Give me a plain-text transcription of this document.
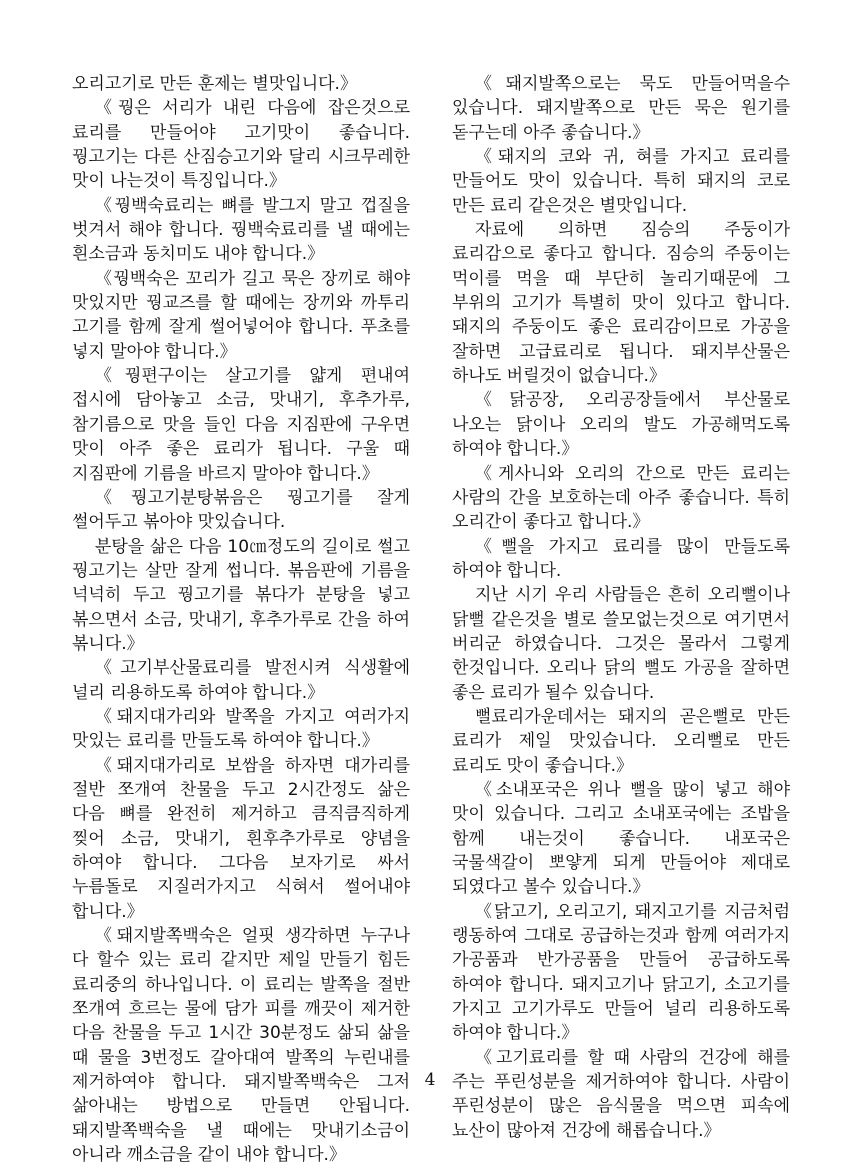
오리고기로 만든 훈제는 별맛입니다.》

《꿩은 서리가 내린 다음에 잡은것으로 료리를 만들어야 고기맛이 좋습니다. 꿩고기는 다른 산짐승고기와 달리 시크무레한 맛이 나는것이 특징입니다.》

《꿩백숙료리는 뼈를 발그지 말고 껍질을 벗겨서 해야 합니다. 꿩백숙료리를 낼 때에는 흰소금과 동치미도 내야 합니다.》

《꿩백숙은 꼬리가 길고 묵은 장끼로 해야 맛있지만 꿩교즈를 할 때에는 장끼와 까투리 고기를 함께 잘게 썰어넣어야 합니다. 푸초를 넣지 말아야 합니다.》

《꿩편구이는 살고기를 얇게 편내여 접시에 담아놓고 소금, 맛내기, 후추가루, 참기름으로 맛을 들인 다음 지짐판에 구우면 맛이 아주 좋은 료리가 됩니다. 구울 때 지짐판에 기름을 바르지 말아야 합니다.》

《꿩고기분탕볶음은 꿩고기를 잘게 썰어두고 볶아야 맛있습니다.

분탕을 삶은 다음 10㎝정도의 길이로 썰고 꿩고기는 살만 잘게 썹니다. 볶음판에 기름을 넉넉히 두고 꿩고기를 볶다가 분탕을 넣고 볶으면서 소금, 맛내기, 후추가루로 간을 하여 볶니다.》

《고기부산물료리를 발전시켜 식생활에 널리 리용하도록 하여야 합니다.》

《돼지대가리와 발쪽을 가지고 여러가지 맛있는 료리를 만들도록 하여야 합니다.》

《돼지대가리로 보쌈을 하자면 대가리를 절반 쪼개여 찬물을 두고 2시간정도 삶은 다음 뼈를 완전히 제거하고 큼직큼직하게 찢어 소금, 맛내기, 흰후추가루로 양념을 하여야 합니다. 그다음 보자기로 싸서 누름돌로 지질러가지고 식혀서 썰어내야 합니다.》

《돼지발쪽백숙은 얼핏 생각하면 누구나 다 할수 있는 료리 같지만 제일 만들기 힘든 료리중의 하나입니다. 이 료리는 발쪽을 절반 쪼개여 흐르는 물에 담가 피를 깨끗이 제거한 다음 찬물을 두고 1시간 30분정도 삶되 삶을 때 물을 3번정도 갈아대여 발쪽의 누린내를 제거하여야 합니다. 돼지발쪽백숙은 그저 삶아내는 방법으로 만들면 안됩니다. 돼지발쪽백숙을 낼 때에는 맛내기소금이 아니라 깨소금을 같이 내야 합니다.》

《돼지발쪽으로는 묵도 만들어먹을수 있습니다. 돼지발쪽으로 만든 묵은 원기를 돋구는데 아주 좋습니다.》

《돼지의 코와 귀, 혀를 가지고 료리를 만들어도 맛이 있습니다. 특히 돼지의 코로 만든 료리 같은것은 별맛입니다.

자료에 의하면 짐승의 주둥이가 료리감으로 좋다고 합니다. 짐승의 주둥이는 먹이를 먹을 때 부단히 놀리기때문에 그 부위의 고기가 특별히 맛이 있다고 합니다. 돼지의 주둥이도 좋은 료리감이므로 가공을 잘하면 고급료리로 됩니다. 돼지부산물은 하나도 버릴것이 없습니다.》

《닭공장, 오리공장들에서 부산물로 나오는 닭이나 오리의 발도 가공해먹도록 하여야 합니다.》

《게사니와 오리의 간으로 만든 료리는 사람의 간을 보호하는데 아주 좋습니다. 특히 오리간이 좋다고 합니다.》

《뻘을 가지고 료리를 많이 만들도록 하여야 합니다.

지난 시기 우리 사람들은 흔히 오리뻘이나 닭뻘 같은것을 별로 쓸모없는것으로 여기면서 버리군 하였습니다. 그것은 몰라서 그렇게 한것입니다. 오리나 닭의 뻘도 가공을 잘하면 좋은 료리가 될수 있습니다.

뻘료리가운데서는 돼지의 곧은뻘로 만든 료리가 제일 맛있습니다. 오리뻘로 만든 료리도 맛이 좋습니다.》

《소내포국은 위나 뻘을 많이 넣고 해야 맛이 있습니다. 그리고 소내포국에는 조밥을 함께 내는것이 좋습니다. 내포국은 국물색갈이 뽀얗게 되게 만들어야 제대로 되였다고 볼수 있습니다.》

《닭고기, 오리고기, 돼지고기를 지금처럼 랭동하여 그대로 공급하는것과 함께 여러가지 가공품과 반가공품을 만들어 공급하도록 하여야 합니다. 돼지고기나 닭고기, 소고기를 가지고 고기가루도 만들어 널리 리용하도록 하여야 합니다.》

《고기료리를 할 때 사람의 건강에 해를 주는 푸린성분을 제거하여야 합니다. 사람이 푸린성분이 많은 음식물을 먹으면 피속에 뇨산이 많아져 건강에 해롭습니다.》

4
